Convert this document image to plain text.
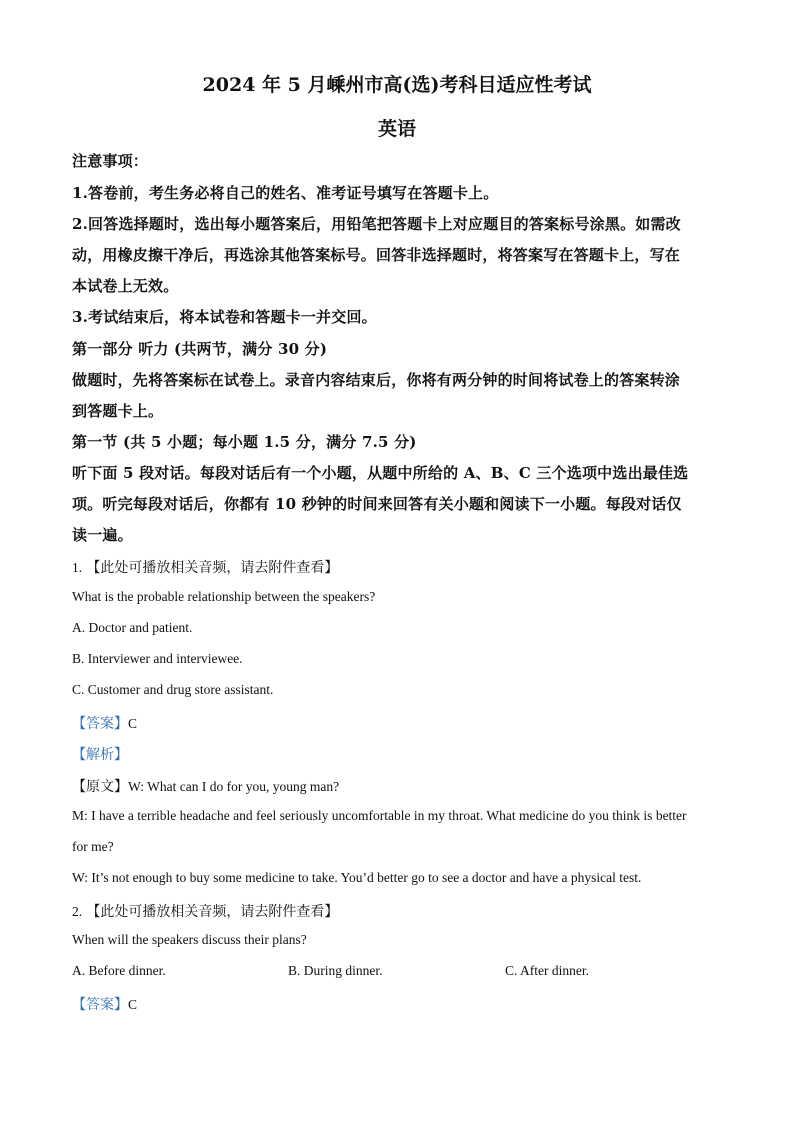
2024 年 5 月嵊州市高(选)考科目适应性考试
英语
注意事项：
1.答卷前，考生务必将自己的姓名、准考证号填写在答题卡上。
2.回答选择题时，选出每小题答案后，用铅笔把答题卡上对应题目的答案标号涂黑。如需改
动，用橡皮擦干净后，再选涂其他答案标号。回答非选择题时，将答案写在答题卡上，写在
本试卷上无效。
3.考试结束后，将本试卷和答题卡一并交回。
第一部分 听力 (共两节，满分 30 分)
做题时，先将答案标在试卷上。录音内容结束后，你将有两分钟的时间将试卷上的答案转涂
到答题卡上。
第一节 (共 5 小题；每小题 1.5 分，满分 7.5 分)
听下面 5 段对话。每段对话后有一个小题，从题中所给的 A、B、C 三个选项中选出最佳选
项。听完每段对话后，你都有 10 秒钟的时间来回答有关小题和阅读下一小题。每段对话仅
读一遍。
1. 【此处可播放相关音频，请去附件查看】
What is the probable relationship between the speakers?
A. Doctor and patient.
B. Interviewer and interviewee.
C. Customer and drug store assistant.
【答案】C
【解析】
【原文】W: What can I do for you, young man?
M: I have a terrible headache and feel seriously uncomfortable in my throat. What medicine do you think is better
for me?
W: It’s not enough to buy some medicine to take. You’d better go to see a doctor and have a physical test.
2. 【此处可播放相关音频，请去附件查看】
When will the speakers discuss their plans?
A. Before dinner.	B. During dinner.	C. After dinner.
【答案】C
